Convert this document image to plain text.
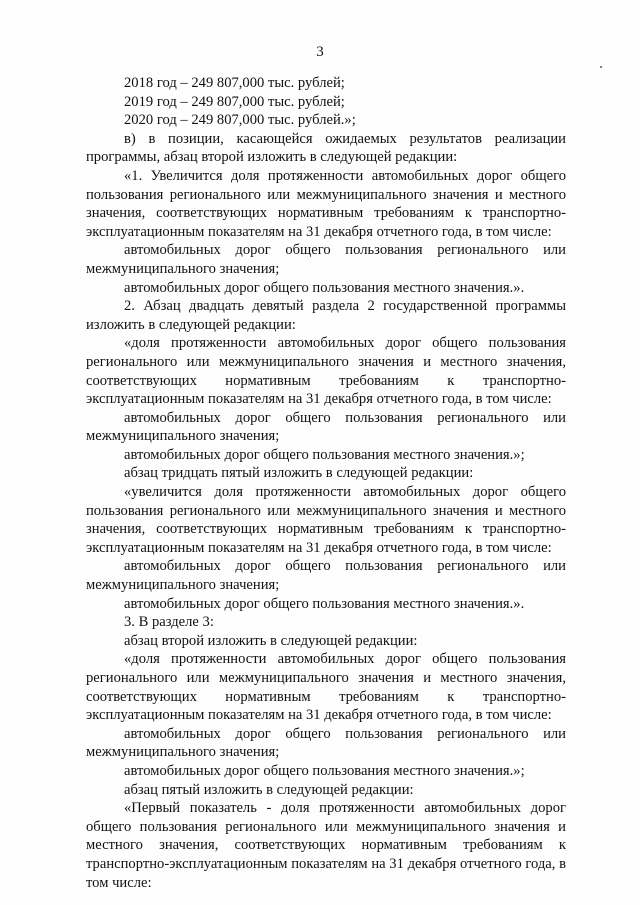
3

2018 год – 249 807,000 тыс. рублей;

2019 год – 249 807,000 тыс. рублей;

2020 год – 249 807,000 тыс. рублей.»;

в) в позиции, касающейся ожидаемых результатов реализации программы, абзац второй изложить в следующей редакции:

«1. Увеличится доля протяженности автомобильных дорог общего пользования регионального или межмуниципального значения и местного значения, соответствующих нормативным требованиям к транспортно-эксплуатационным показателям на 31 декабря отчетного года, в том числе:

автомобильных дорог общего пользования регионального или межмуниципального значения;

автомобильных дорог общего пользования местного значения.».

2. Абзац двадцать девятый раздела 2 государственной программы изложить в следующей редакции:

«доля протяженности автомобильных дорог общего пользования регионального или межмуниципального значения и местного значения, соответствующих нормативным требованиям к транспортно-эксплуатационным показателям на 31 декабря отчетного года, в том числе:

автомобильных дорог общего пользования регионального или межмуниципального значения;

автомобильных дорог общего пользования местного значения.»;

абзац тридцать пятый изложить в следующей редакции:

«увеличится доля протяженности автомобильных дорог общего пользования регионального или межмуниципального значения и местного значения, соответствующих нормативным требованиям к транспортно-эксплуатационным показателям на 31 декабря отчетного года, в том числе:

автомобильных дорог общего пользования регионального или межмуниципального значения;

автомобильных дорог общего пользования местного значения.».

3. В разделе 3:

абзац второй изложить в следующей редакции:

«доля протяженности автомобильных дорог общего пользования регионального или межмуниципального значения и местного значения, соответствующих нормативным требованиям к транспортно-эксплуатационным показателям на 31 декабря отчетного года, в том числе:

автомобильных дорог общего пользования регионального или межмуниципального значения;

автомобильных дорог общего пользования местного значения.»;

абзац пятый изложить в следующей редакции:

«Первый показатель - доля протяженности автомобильных дорог общего пользования регионального или межмуниципального значения и местного значения, соответствующих нормативным требованиям к транспортно-эксплуатационным показателям на 31 декабря отчетного года, в том числе:
